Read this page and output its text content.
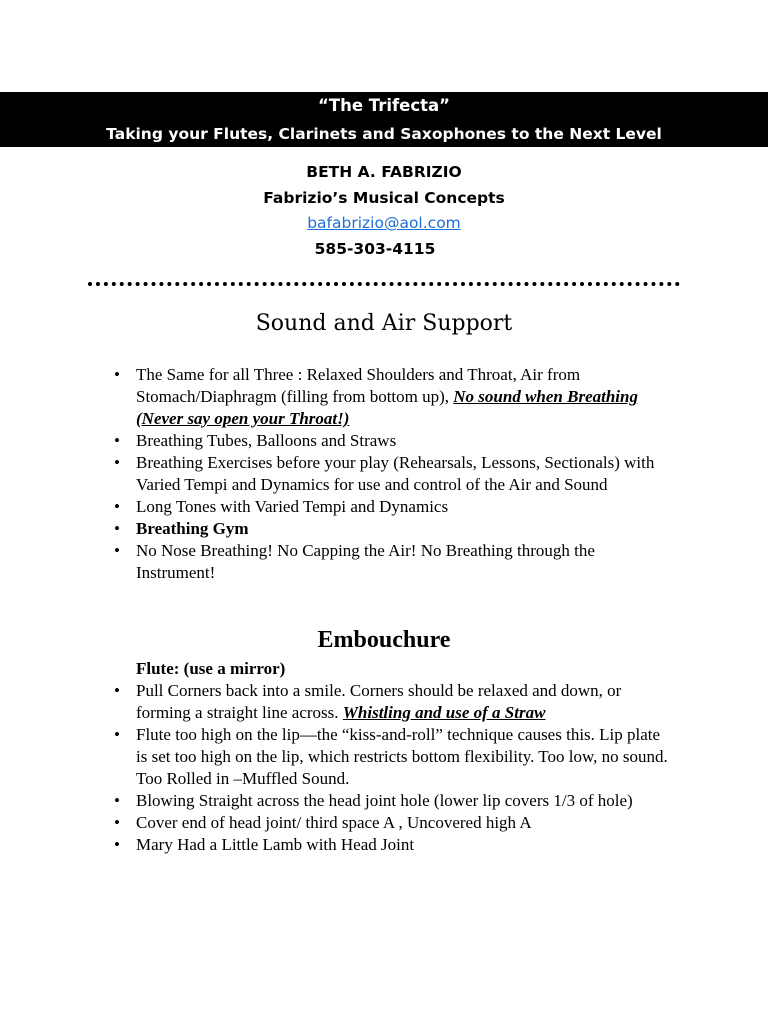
“The Trifecta”
Taking your Flutes, Clarinets and Saxophones to the Next Level
BETH A. FABRIZIO
Fabrizio’s Musical Concepts
bafabrizio@aol.com
585-303-4115
Sound and Air Support
• The Same for all Three : Relaxed Shoulders and Throat, Air from Stomach/Diaphragm (filling from bottom up), No sound when Breathing (Never say open your Throat!)
• Breathing Tubes, Balloons and Straws
• Breathing Exercises before your play (Rehearsals, Lessons, Sectionals) with Varied Tempi and Dynamics for use and control of the Air and Sound
• Long Tones with Varied Tempi and Dynamics
• Breathing Gym
• No Nose Breathing! No Capping the Air! No Breathing through the Instrument!
Embouchure
Flute: (use a mirror)
• Pull Corners back into a smile. Corners should be relaxed and down, or forming a straight line across. Whistling and use of a Straw
• Flute too high on the lip—the “kiss-and-roll” technique causes this. Lip plate is set too high on the lip, which restricts bottom flexibility. Too low, no sound. Too Rolled in –Muffled Sound.
• Blowing Straight across the head joint hole (lower lip covers 1/3 of hole)
• Cover end of head joint/ third space A , Uncovered high A
• Mary Had a Little Lamb with Head Joint
